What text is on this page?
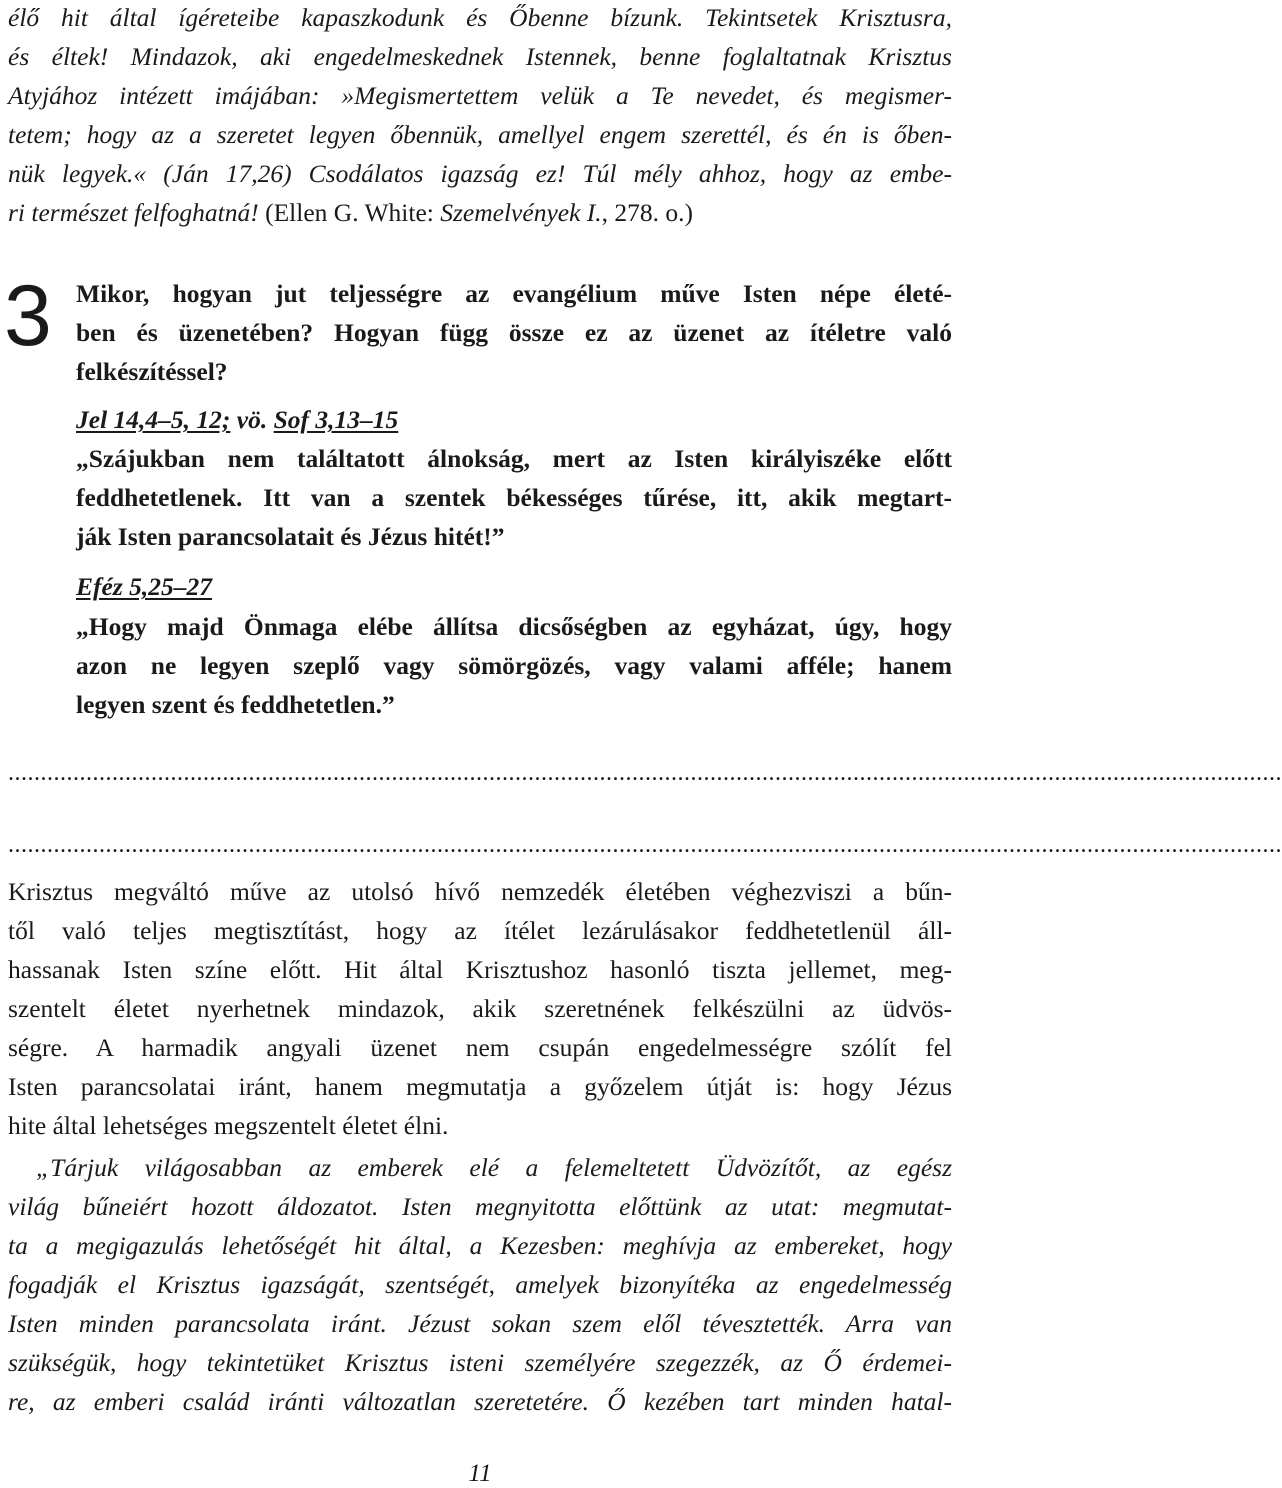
élő hit által ígéreteibe kapaszkodunk és Őbenne bízunk. Tekintsetek Krisztusra,
és éltek! Mindazok, aki engedelmeskednek Istennek, benne foglaltatnak Krisztus
Atyjához intézett imájában: »Megismertettem velük a Te nevedet, és megismer-
tetem; hogy az a szeretet legyen őbennük, amellyel engem szerettél, és én is őben-
nük legyek.« (Ján 17,26) Csodálatos igazság ez! Túl mély ahhoz, hogy az embe-
ri természet felfoghatná! (Ellen G. White: Szemelvények I., 278. o.)
3 Mikor, hogyan jut teljességre az evangélium műve Isten népe életé-
ben és üzenetében? Hogyan függ össze ez az üzenet az ítéletre való
felkészítéssel?
Jel 14,4–5, 12; vö. Sof 3,13–15
„Szájukban nem találtatott álnokság, mert az Isten királyiszéke előtt
feddhetetlenek. Itt van a szentek békességes tűrése, itt, akik megtart-
ják Isten parancsolatait és Jézus hitét!”
Eféz 5,25–27
„Hogy majd Önmaga elébe állítsa dicsőségben az egyházat, úgy, hogy
azon ne legyen szeplő vagy sömörgözés, vagy valami afféle; hanem
legyen szent és feddhetetlen.”
....................................................................................................................................................................................................
....................................................................................................................................................................................................
Krisztus megváltó műve az utolsó hívő nemzedék életében véghezviszi a bűn-
től való teljes megtisztítást, hogy az ítélet lezárulásakor feddhetetlenül áll-
hassanak Isten színe előtt. Hit által Krisztushoz hasonló tiszta jellemet, meg-
szentelt életet nyerhetnek mindazok, akik szeretnének felkészülni az üdvös-
ségre. A harmadik angyali üzenet nem csupán engedelmességre szólít fel
Isten parancsolatai iránt, hanem megmutatja a győzelem útját is: hogy Jézus
hite által lehetséges megszentelt életet élni.
„Tárjuk világosabban az emberek elé a felemeltetett Üdvözítőt, az egész
világ bűneiért hozott áldozatot. Isten megnyitotta előttünk az utat: megmutat-
ta a megigazulás lehetőségét hit által, a Kezesben: meghívja az embereket, hogy
fogadják el Krisztus igazságát, szentségét, amelyek bizonyítéka az engedelmesség
Isten minden parancsolata iránt. Jézust sokan szem elől tévesztették. Arra van
szükségük, hogy tekintetüket Krisztus isteni személyére szegezzék, az Ő érdemei-
re, az emberi család iránti változatlan szeretetére. Ő kezében tart minden hatal-
11
